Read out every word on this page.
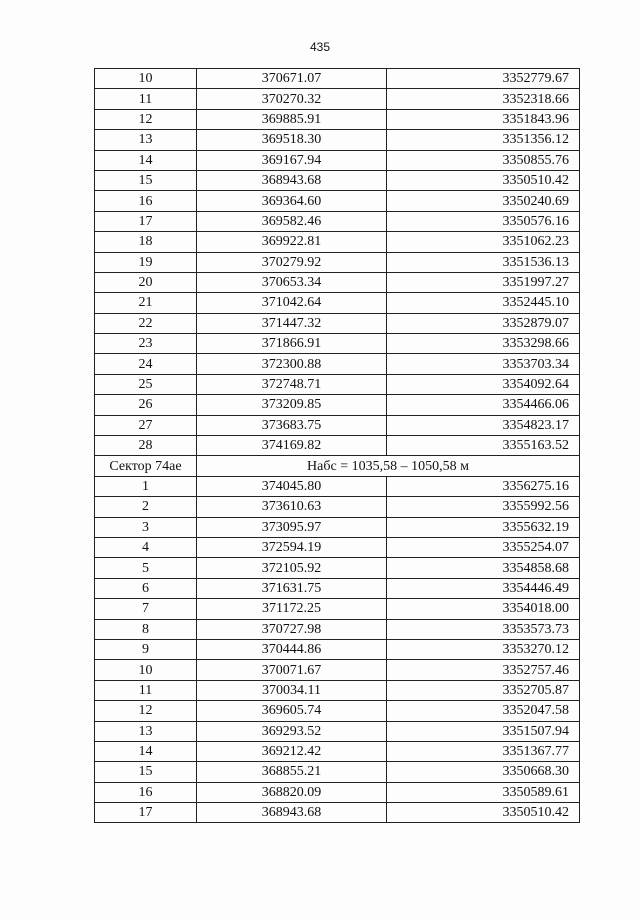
435
10	370671.07	3352779.67
11	370270.32	3352318.66
12	369885.91	3351843.96
13	369518.30	3351356.12
14	369167.94	3350855.76
15	368943.68	3350510.42
16	369364.60	3350240.69
17	369582.46	3350576.16
18	369922.81	3351062.23
19	370279.92	3351536.13
20	370653.34	3351997.27
21	371042.64	3352445.10
22	371447.32	3352879.07
23	371866.91	3353298.66
24	372300.88	3353703.34
25	372748.71	3354092.64
26	373209.85	3354466.06
27	373683.75	3354823.17
28	374169.82	3355163.52
Сектор 74ае	Набс = 1035,58 – 1050,58 м	
1	374045.80	3356275.16
2	373610.63	3355992.56
3	373095.97	3355632.19
4	372594.19	3355254.07
5	372105.92	3354858.68
6	371631.75	3354446.49
7	371172.25	3354018.00
8	370727.98	3353573.73
9	370444.86	3353270.12
10	370071.67	3352757.46
11	370034.11	3352705.87
12	369605.74	3352047.58
13	369293.52	3351507.94
14	369212.42	3351367.77
15	368855.21	3350668.30
16	368820.09	3350589.61
17	368943.68	3350510.42
